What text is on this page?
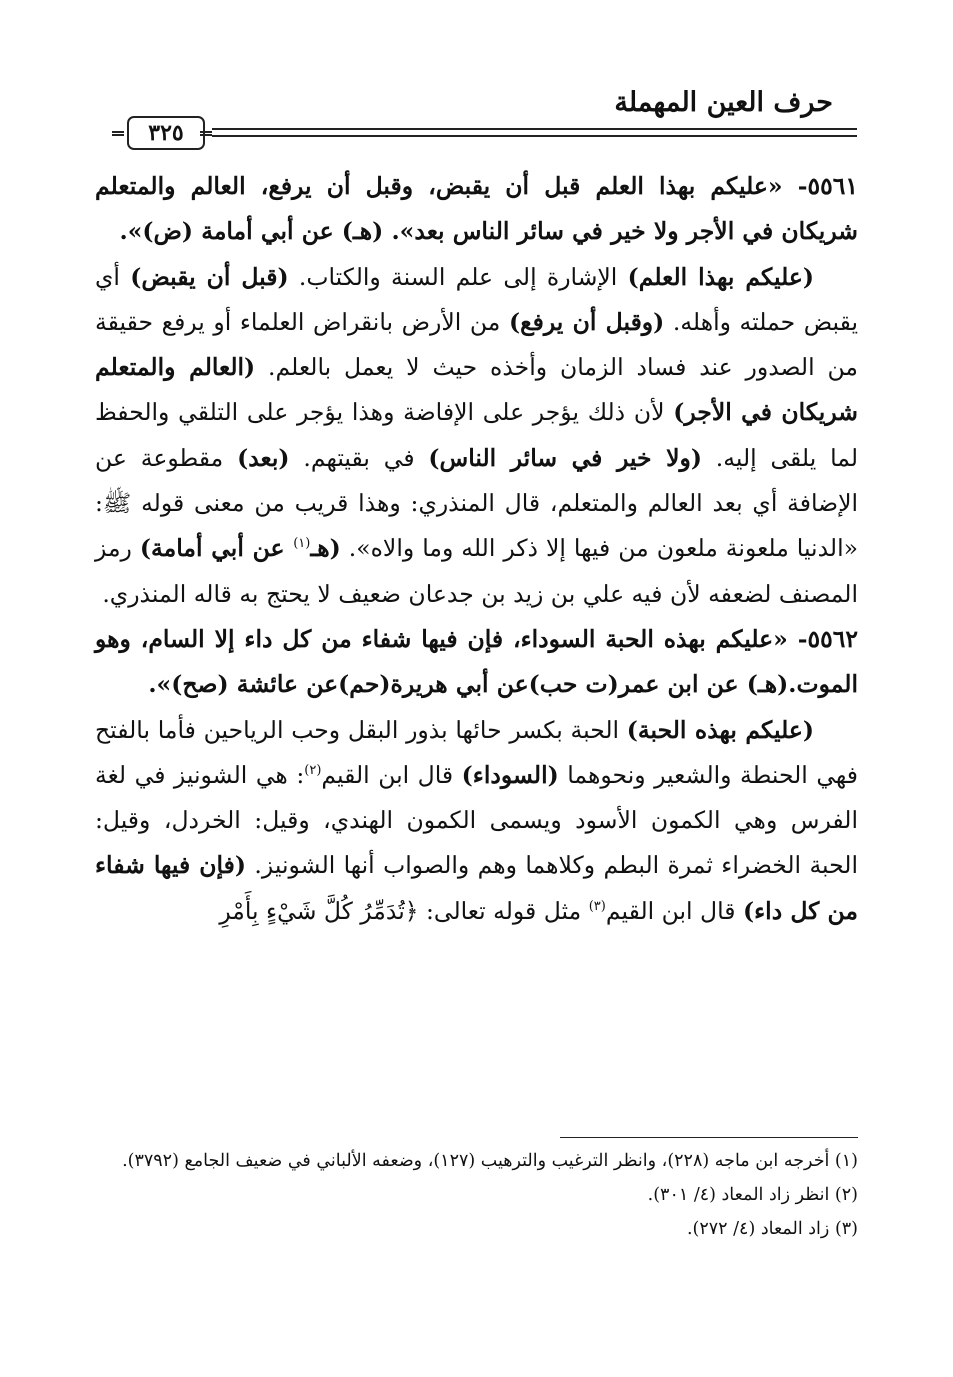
حرف العين المهملة
٣٢٥

٥٥٦١- «عليكم بهذا العلم قبل أن يقبض، وقبل أن يرفع، العالم والمتعلم شريكان في الأجر ولا خير في سائر الناس بعد». (هـ) عن أبي أمامة (ض)».

(عليكم بهذا العلم) الإشارة إلى علم السنة والكتاب. (قبل أن يقبض) أي يقبض حملته وأهله. (وقبل أن يرفع) من الأرض بانقراض العلماء أو يرفع حقيقة من الصدور عند فساد الزمان وأخذه حيث لا يعمل بالعلم. (العالم والمتعلم شريكان في الأجر) لأن ذلك يؤجر على الإفاضة وهذا يؤجر على التلقي والحفظ لما يلقى إليه. (ولا خير في سائر الناس) في بقيتهم. (بعد) مقطوعة عن الإضافة أي بعد العالم والمتعلم، قال المنذري: وهذا قريب من معنى قوله ﷺ: «الدنيا ملعونة ملعون من فيها إلا ذكر الله وما والاه». (هـ$^{(١)}$ عن أبي أمامة) رمز المصنف لضعفه لأن فيه علي بن زيد بن جدعان ضعيف لا يحتج به قاله المنذري.

٥٥٦٢- «عليكم بهذه الحبة السوداء، فإن فيها شفاء من كل داء إلا السام، وهو الموت.(هـ) عن ابن عمر(ت حب)عن أبي هريرة(حم)عن عائشة (صح)».

(عليكم بهذه الحبة) الحبة بكسر حائها بذور البقل وحب الرياحين فأما بالفتح فهي الحنطة والشعير ونحوهما (السوداء) قال ابن القيم$^{(٢)}$: هي الشونيز في لغة الفرس وهي الكمون الأسود ويسمى الكمون الهندي، وقيل: الخردل، وقيل: الحبة الخضراء ثمرة البطم وكلاهما وهم والصواب أنها الشونيز. (فإن فيها شفاء من كل داء) قال ابن القيم$^{(٣)}$ مثل قوله تعالى: ﴿تُدَمِّرُ كُلَّ شَيْءٍ بِأَمْرِ

(١) أخرجه ابن ماجه (٢٢٨)، وانظر الترغيب والترهيب (١٢٧)، وضعفه الألباني في ضعيف الجامع (٣٧٩٢).

(٢) انظر زاد المعاد (٤/ ٣٠١).

(٣) زاد المعاد (٤/ ٢٧٢).
